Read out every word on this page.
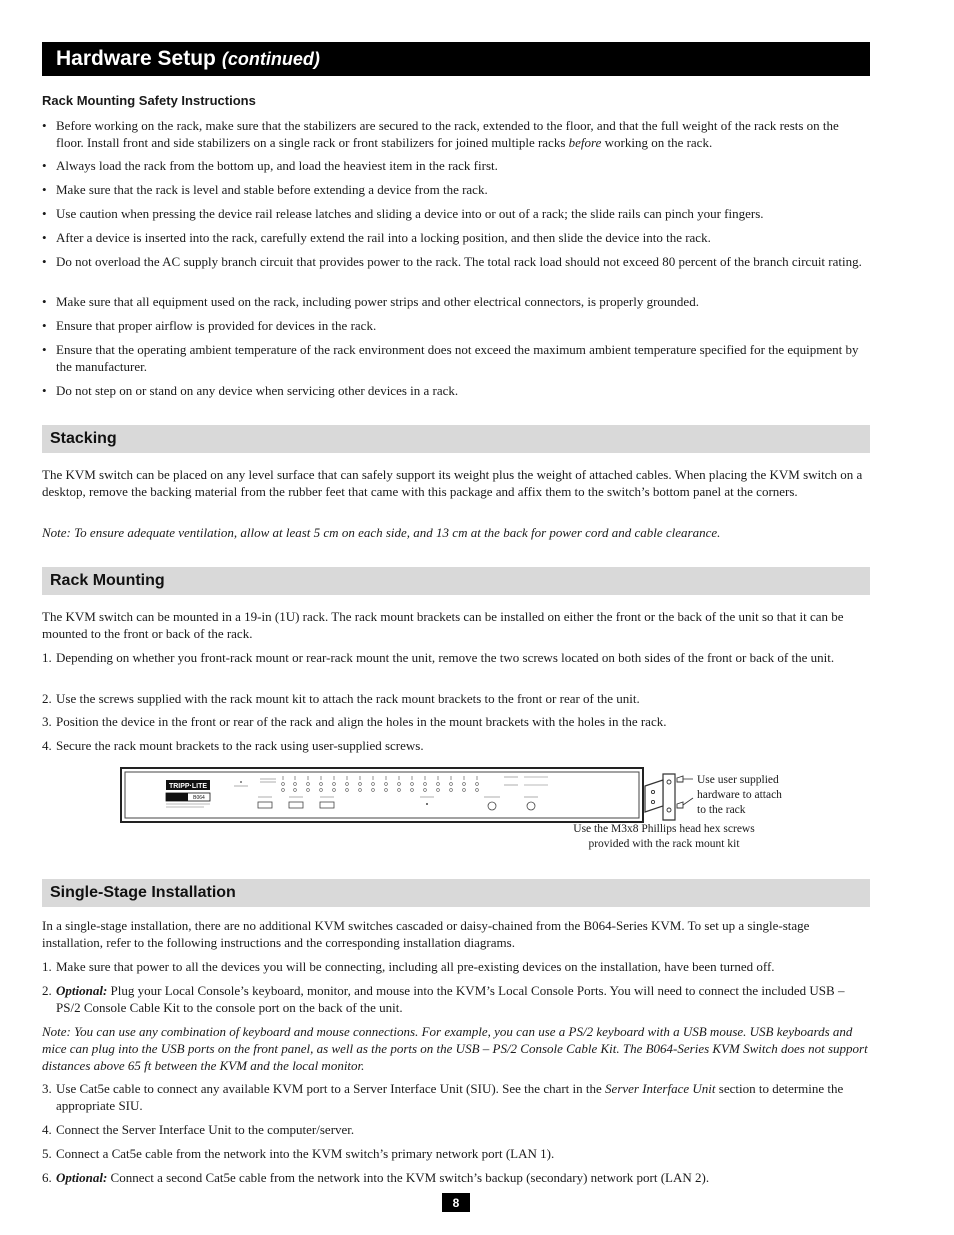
Hardware Setup (continued)
Rack Mounting Safety Instructions
• Before working on the rack, make sure that the stabilizers are secured to the rack, extended to the floor, and that the full weight of the rack rests on the floor. Install front and side stabilizers on a single rack or front stabilizers for joined multiple racks before working on the rack.
• Always load the rack from the bottom up, and load the heaviest item in the rack first.
• Make sure that the rack is level and stable before extending a device from the rack.
• Use caution when pressing the device rail release latches and sliding a device into or out of a rack; the slide rails can pinch your fingers.
• After a device is inserted into the rack, carefully extend the rail into a locking position, and then slide the device into the rack.
• Do not overload the AC supply branch circuit that provides power to the rack. The total rack load should not exceed 80 percent of the branch circuit rating.
• Make sure that all equipment used on the rack, including power strips and other electrical connectors, is properly grounded.
• Ensure that proper airflow is provided for devices in the rack.
• Ensure that the operating ambient temperature of the rack environment does not exceed the maximum ambient temperature specified for the equipment by the manufacturer.
• Do not step on or stand on any device when servicing other devices in a rack.
Stacking

The KVM switch can be placed on any level surface that can safely support its weight plus the weight of attached cables. When placing the KVM switch on a desktop, remove the backing material from the rubber feet that came with this package and affix them to the switch’s bottom panel at the corners.

Note: To ensure adequate ventilation, allow at least 5 cm on each side, and 13 cm at the back for power cord and cable clearance.

Rack Mounting

The KVM switch can be mounted in a 19-in (1U) rack. The rack mount brackets can be installed on either the front or the back of the unit so that it can be mounted to the front or back of the rack.

1. Depending on whether you front-rack mount or rear-rack mount the unit, remove the two screws located on both sides of the front or back of the unit.
2. Use the screws supplied with the rack mount kit to attach the rack mount brackets to the front or rear of the unit.
3. Position the device in the front or rear of the rack and align the holes in the mount brackets with the holes in the rack.
4. Secure the rack mount brackets to the rack using user-supplied screws.
TRIPP·LITE
B064
Use user supplied
hardware to attach
to the rack
Use the M3x8 Phillips head hex screws
provided with the rack mount kit
Single-Stage Installation

In a single-stage installation, there are no additional KVM switches cascaded or daisy-chained from the B064-Series KVM. To set up a single-stage installation, refer to the following instructions and the corresponding installation diagrams.

1. Make sure that power to all the devices you will be connecting, including all pre-existing devices on the installation, have been turned off.
2. Optional: Plug your Local Console’s keyboard, monitor, and mouse into the KVM’s Local Console Ports. You will need to connect the included USB – PS/2 Console Cable Kit to the console port on the back of the unit.

Note: You can use any combination of keyboard and mouse connections. For example, you can use a PS/2 keyboard with a USB mouse. USB keyboards and mice can plug into the USB ports on the front panel, as well as the ports on the USB – PS/2 Console Cable Kit. The B064-Series KVM Switch does not support distances above 65 ft between the KVM and the local monitor.

3. Use Cat5e cable to connect any available KVM port to a Server Interface Unit (SIU). See the chart in the Server Interface Unit section to determine the appropriate SIU.
4. Connect the Server Interface Unit to the computer/server.
5. Connect a Cat5e cable from the network into the KVM switch’s primary network port (LAN 1).
6. Optional: Connect a second Cat5e cable from the network into the KVM switch’s backup (secondary) network port (LAN 2).
8
